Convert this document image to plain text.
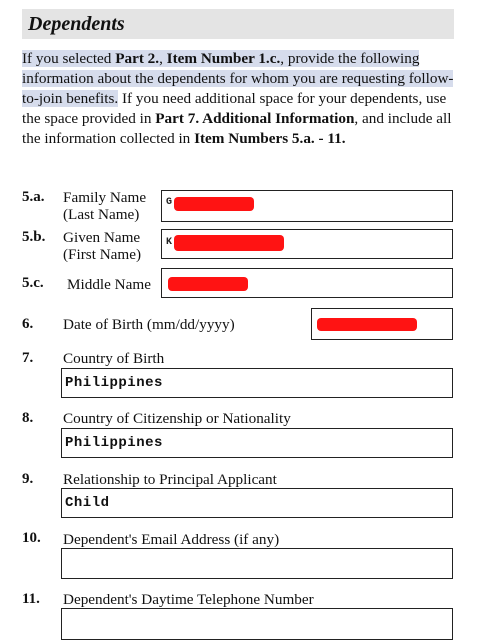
Dependents
If you selected Part 2., Item Number 1.c., provide the following information about the dependents for whom you are requesting follow-to-join benefits. If you need additional space for your dependents, use the space provided in Part 7. Additional Information, and include all the information collected in Item Numbers 5.a. - 11.
5.a. Family Name
(Last Name)
G
5.b. Given Name
(First Name)
K
5.c. Middle Name
6. Date of Birth (mm/dd/yyyy)
7. Country of Birth
Philippines
8. Country of Citizenship or Nationality
Philippines
9. Relationship to Principal Applicant
Child
10. Dependent's Email Address (if any)
11. Dependent's Daytime Telephone Number
